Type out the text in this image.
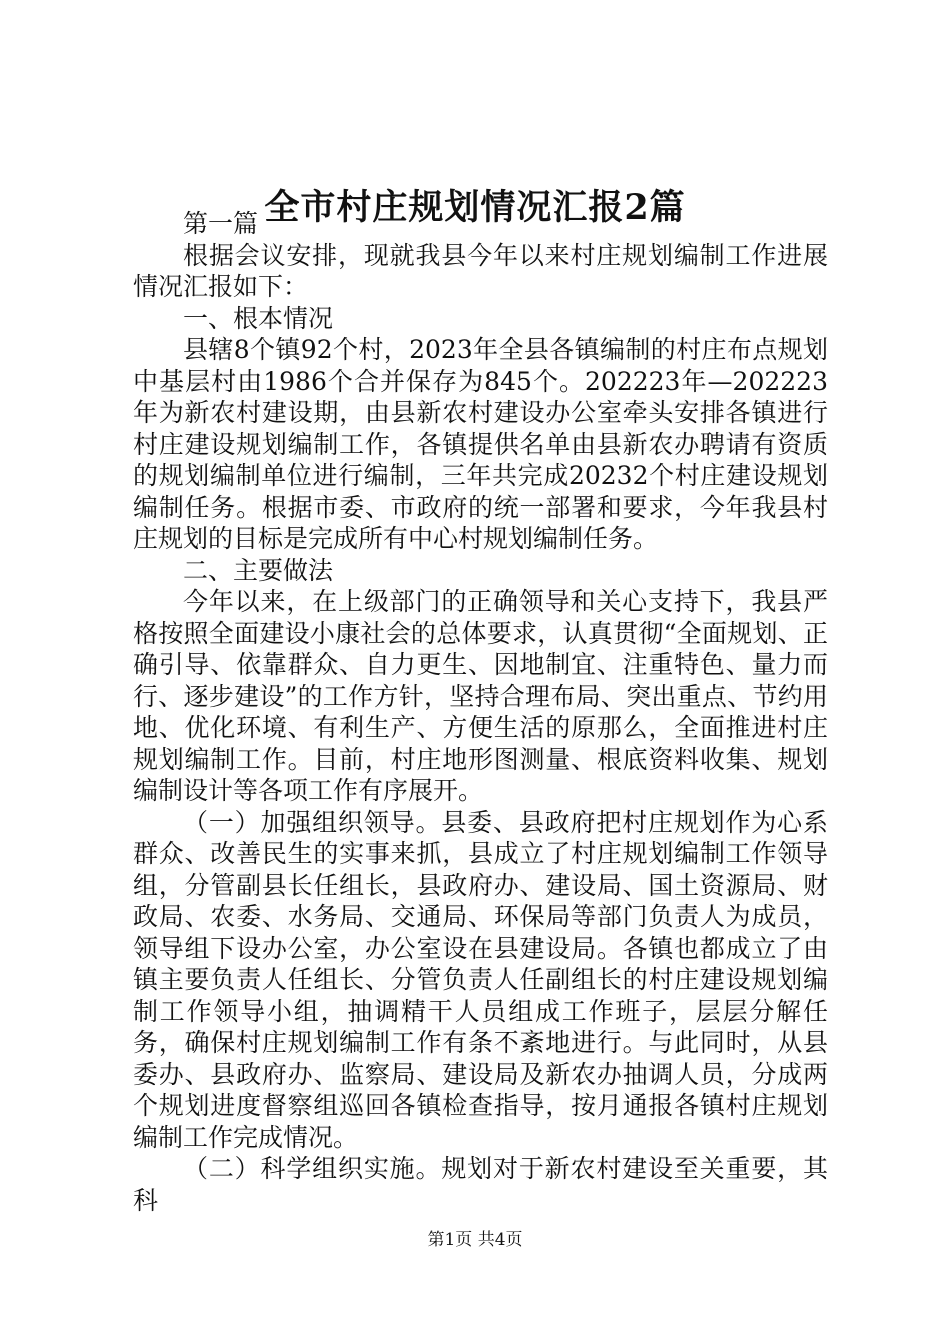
全市村庄规划情况汇报2篇

第一篇

根据会议安排，现就我县今年以来村庄规划编制工作进展情况汇报如下：

一、根本情况

县辖8个镇92个村，2023年全县各镇编制的村庄布点规划中基层村由1986个合并保存为845个。202223年—202223年为新农村建设期，由县新农村建设办公室牵头安排各镇进行村庄建设规划编制工作，各镇提供名单由县新农办聘请有资质的规划编制单位进行编制，三年共完成20232个村庄建设规划编制任务。根据市委、市政府的统一部署和要求，今年我县村庄规划的目标是完成所有中心村规划编制任务。

二、主要做法

今年以来，在上级部门的正确领导和关心支持下，我县严格按照全面建设小康社会的总体要求，认真贯彻“全面规划、正确引导、依靠群众、自力更生、因地制宜、注重特色、量力而行、逐步建设”的工作方针，坚持合理布局、突出重点、节约用地、优化环境、有利生产、方便生活的原那么，全面推进村庄规划编制工作。目前，村庄地形图测量、根底资料收集、规划编制设计等各项工作有序展开。

（一）加强组织领导。县委、县政府把村庄规划作为心系群众、改善民生的实事来抓，县成立了村庄规划编制工作领导组，分管副县长任组长，县政府办、建设局、国土资源局、财政局、农委、水务局、交通局、环保局等部门负责人为成员，领导组下设办公室，办公室设在县建设局。各镇也都成立了由镇主要负责人任组长、分管负责人任副组长的村庄建设规划编制工作领导小组，抽调精干人员组成工作班子，层层分解任务，确保村庄规划编制工作有条不紊地进行。与此同时，从县委办、县政府办、监察局、建设局及新农办抽调人员，分成两个规划进度督察组巡回各镇检查指导，按月通报各镇村庄规划编制工作完成情况。

（二）科学组织实施。规划对于新农村建设至关重要，其科

第1页 共4页
